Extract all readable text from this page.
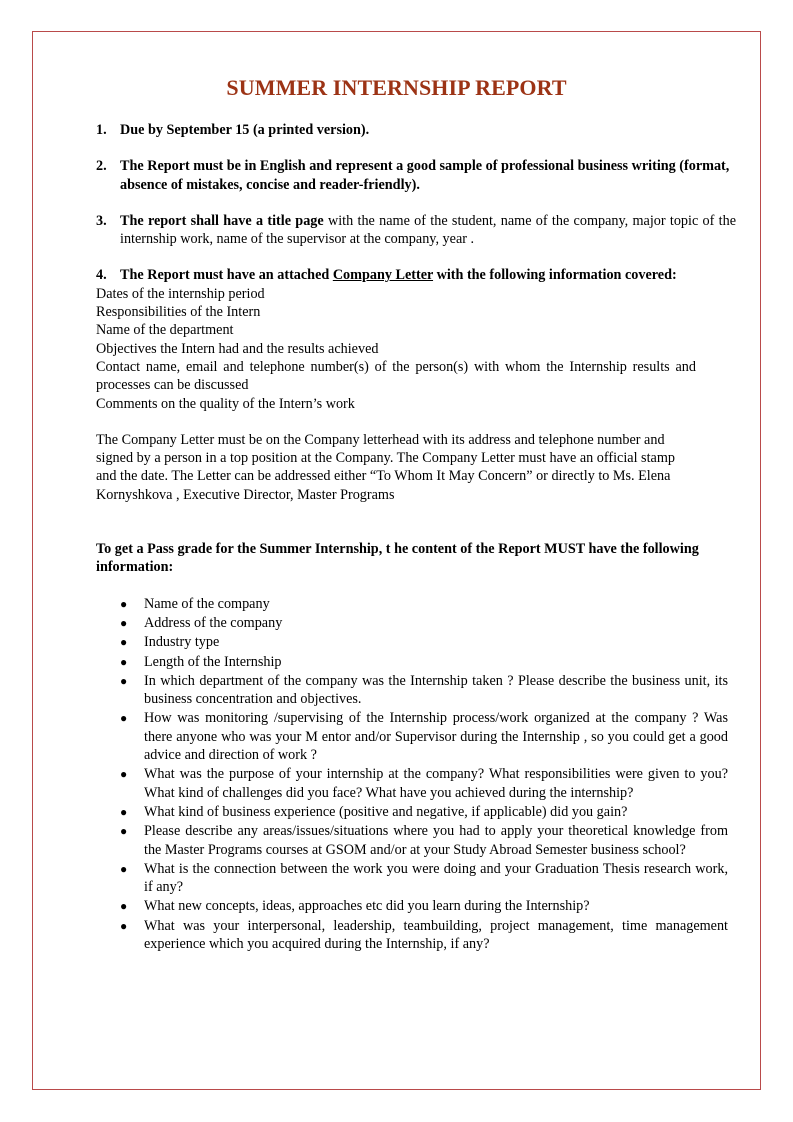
SUMMER INTERNSHIP REPORT
1. Due by September 15 (a printed version).
2. The Report must be in English and represent a good sample of professional business writing (format, absence of mistakes, concise and reader-friendly).
3. The report shall have a title page with the name of the student, name of the company, major topic of the internship work, name of the supervisor at the company, year .
4. The Report must have an attached Company Letter with the following information covered:

Dates of the internship period

Responsibilities of the Intern

Name of the department

Objectives the Intern had and the results achieved

Contact name, email and telephone number(s) of the person(s) with whom the Internship results and processes can be discussed

Comments on the quality of the Intern’s work

The Company Letter must be on the Company letterhead with its address and telephone number and signed by a person in a top position at the Company. The Company Letter must have an official stamp and the date. The Letter can be addressed either “To Whom It May Concern” or directly to Ms. Elena Kornyshkova , Executive Director, Master Programs

To get a Pass grade for the Summer Internship, t he content of the Report MUST have the following information:
● Name of the company
● Address of the company
● Industry type
● Length of the Internship
● In which department of the company was the Internship taken ? Please describe the business unit, its business concentration and objectives.
● How was monitoring /supervising of the Internship process/work organized at the company ? Was there anyone who was your M entor and/or Supervisor during the Internship , so you could get a good advice and direction of work ?
● What was the purpose of your internship at the company? What responsibilities were given to you? What kind of challenges did you face? What have you achieved during the internship?
● What kind of business experience (positive and negative, if applicable) did you gain?
● Please describe any areas/issues/situations where you had to apply your theoretical knowledge from the Master Programs courses at GSOM and/or at your Study Abroad Semester business school?
● What is the connection between the work you were doing and your Graduation Thesis research work, if any?
● What new concepts, ideas, approaches etc did you learn during the Internship?
● What was your interpersonal, leadership, teambuilding, project management, time management experience which you acquired during the Internship, if any?
